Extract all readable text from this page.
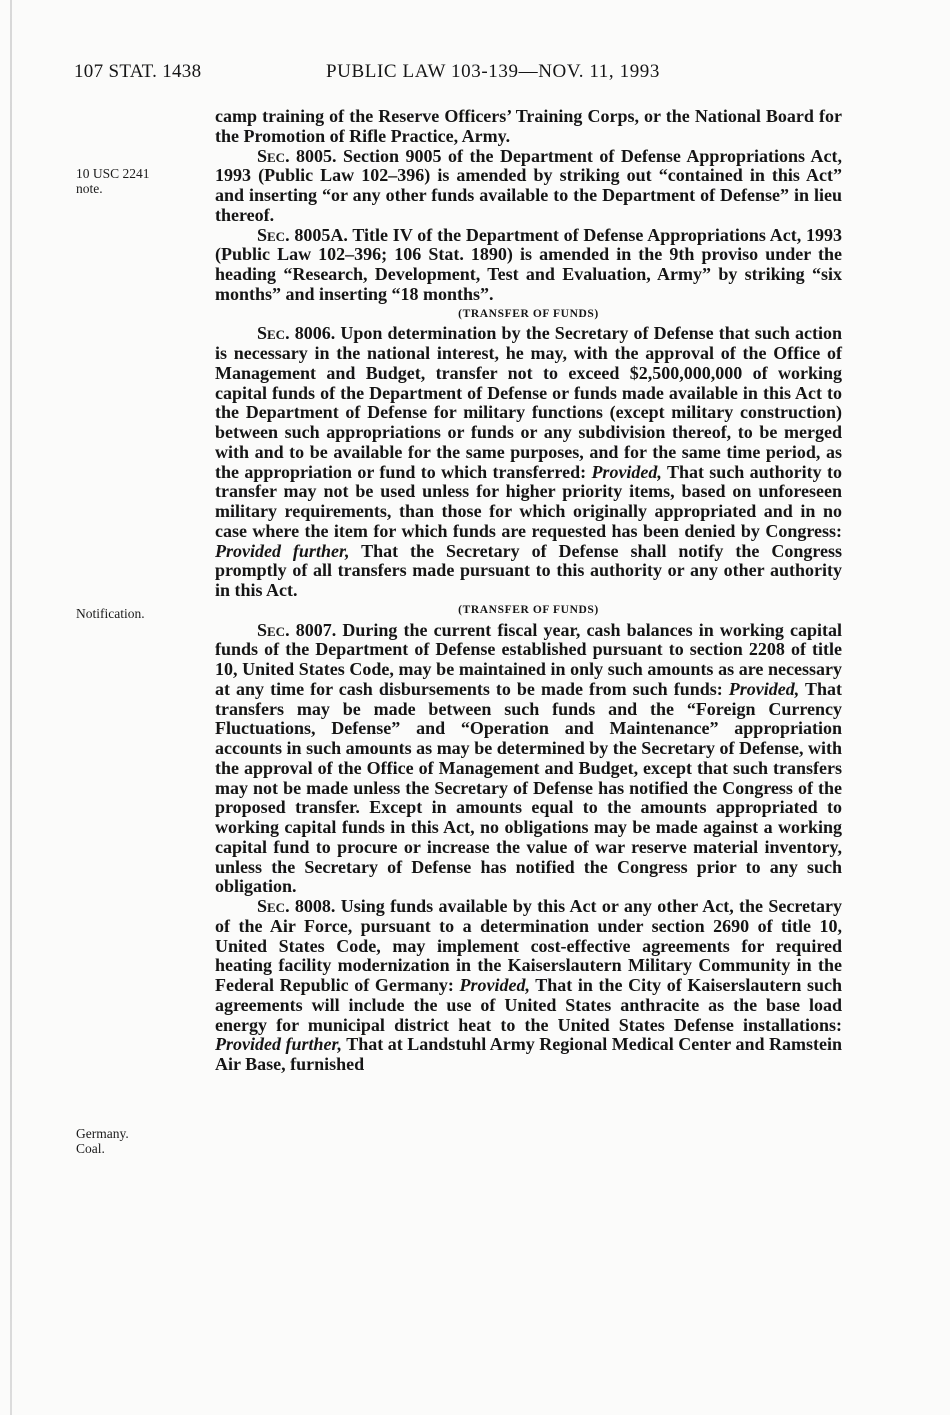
107 STAT. 1438	PUBLIC LAW 103-139—NOV. 11, 1993
10 USC 2241
note.
Notification.
Germany.
Coal.

camp training of the Reserve Officers’ Training Corps, or the National Board for the Promotion of Rifle Practice, Army.

Sec. 8005. Section 9005 of the Department of Defense Appropriations Act, 1993 (Public Law 102–396) is amended by striking out “contained in this Act” and inserting “or any other funds available to the Department of Defense” in lieu thereof.

Sec. 8005A. Title IV of the Department of Defense Appropriations Act, 1993 (Public Law 102–396; 106 Stat. 1890) is amended in the 9th proviso under the heading “Research, Development, Test and Evaluation, Army” by striking “six months” and inserting “18 months”.

(TRANSFER OF FUNDS)

Sec. 8006. Upon determination by the Secretary of Defense that such action is necessary in the national interest, he may, with the approval of the Office of Management and Budget, transfer not to exceed $2,500,000,000 of working capital funds of the Department of Defense or funds made available in this Act to the Department of Defense for military functions (except military construction) between such appropriations or funds or any subdivision thereof, to be merged with and to be available for the same purposes, and for the same time period, as the appropriation or fund to which transferred: Provided, That such authority to transfer may not be used unless for higher priority items, based on unforeseen military requirements, than those for which originally appropriated and in no case where the item for which funds are requested has been denied by Congress: Provided further, That the Secretary of Defense shall notify the Congress promptly of all transfers made pursuant to this authority or any other authority in this Act.

(TRANSFER OF FUNDS)

Sec. 8007. During the current fiscal year, cash balances in working capital funds of the Department of Defense established pursuant to section 2208 of title 10, United States Code, may be maintained in only such amounts as are necessary at any time for cash disbursements to be made from such funds: Provided, That transfers may be made between such funds and the “Foreign Currency Fluctuations, Defense” and “Operation and Maintenance” appropriation accounts in such amounts as may be determined by the Secretary of Defense, with the approval of the Office of Management and Budget, except that such transfers may not be made unless the Secretary of Defense has notified the Congress of the proposed transfer. Except in amounts equal to the amounts appropriated to working capital funds in this Act, no obligations may be made against a working capital fund to procure or increase the value of war reserve material inventory, unless the Secretary of Defense has notified the Congress prior to any such obligation.

Sec. 8008. Using funds available by this Act or any other Act, the Secretary of the Air Force, pursuant to a determination under section 2690 of title 10, United States Code, may implement cost-effective agreements for required heating facility modernization in the Kaiserslautern Military Community in the Federal Republic of Germany: Provided, That in the City of Kaiserslautern such agreements will include the use of United States anthracite as the base load energy for municipal district heat to the United States Defense installations: Provided further, That at Landstuhl Army Regional Medical Center and Ramstein Air Base, furnished
